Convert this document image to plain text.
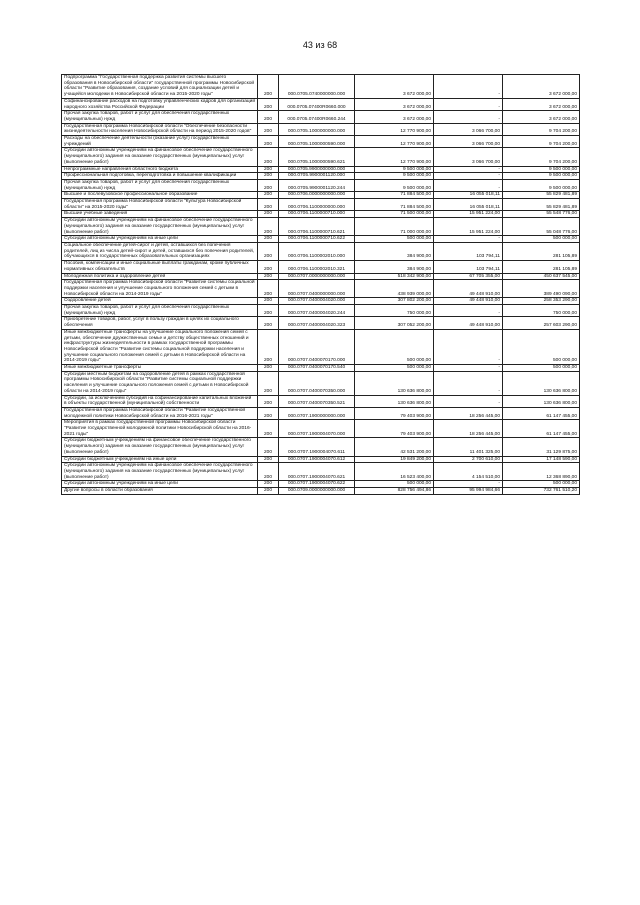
43 из 68
Подпрограмма "Государственная поддержка развития системы высшего образования в Новосибирской области" государственной программы Новосибирской области "Развитие образования, создание условий для социализации детей и учащейся молодежи в Новосибирской области на 2015-2020 годы"	200	000.0705.0740000000.000	3 672 000,00	-	3 672 000,00
Софинансирование расходов на подготовку управленческих кадров для организаций народного хозяйства Российской Федерации	200	000.0705.07400R0660.000	3 672 000,00	-	3 672 000,00
Прочая закупка товаров, работ и услуг для обеспечения государственных (муниципальных) нужд	200	000.0705.07400R0660.244	3 672 000,00	-	3 672 000,00
Государственная программа Новосибирской области "Обеспечение безопасности жизнедеятельности населения Новосибирской области на период 2015-2020 годов"	200	000.0705.1000000000.000	12 770 900,00	3 066 700,00	9 704 200,00
Расходы на обеспечение деятельности (оказание услуг) государственных учреждений	200	000.0705.1000000590.000	12 770 900,00	3 066 700,00	9 704 200,00
Субсидии автономным учреждениям на финансовое обеспечение государственного (муниципального) задания на оказание государственных (муниципальных) услуг (выполнение работ)	200	000.0705.1000000590.621	12 770 900,00	3 066 700,00	9 704 200,00
Непрограммные направления областного бюджета	200	000.0705.9900000000.000	9 500 000,00	-	9 500 000,00
Профессиональная подготовка, переподготовка и повышение квалификации	200	000.0705.9900001120.000	9 500 000,00	-	9 500 000,00
Прочая закупка товаров, работ и услуг для обеспечения государственных (муниципальных) нужд	200	000.0705.9900001120.244	9 500 000,00	-	9 500 000,00
Высшее и послевузовское профессиональное образование	200	000.0706.0000000000.000	71 884 500,00	16 055 018,11	55 829 481,89
Государственная программа Новосибирской области "Культура Новосибирской области" на 2015-2020 годы"	200	000.0706.1100000000.000	71 884 500,00	16 055 018,11	55 829 481,89
Высшие учебные заведения	200	000.0706.1100000710.000	71 500 000,00	15 951 224,00	55 548 776,00
Субсидии автономным учреждениям на финансовое обеспечение государственного (муниципального) задания на оказание государственных (муниципальных) услуг (выполнение работ)	200	000.0706.1100000710.621	71 000 000,00	15 951 224,00	55 048 776,00
Субсидии автономным учреждениям на иные цели	200	000.0706.1100000710.622	500 000,00	-	500 000,00
Социальное обеспечение детей-сирот и детей, оставшихся без попечения родителей, лиц из числа детей-сирот и детей, оставшихся без попечения родителей, обучающихся в государственных образовательных организациях	200	000.0706.1100002010.000	384 900,00	103 794,11	281 105,89
Пособия, компенсации и иные социальные выплаты гражданам, кроме публичных нормативных обязательств	200	000.0706.1100002010.321	384 900,00	103 794,11	281 105,89
Молодежная политика и оздоровление детей	200	000.0707.0000000000.000	518 342 900,00	67 705 355,00	450 637 545,00
Государственная программа Новосибирской области "Развитие системы социальной поддержки населения и улучшение социального положения семей с детьми в Новосибирской области на 2014-2019 годы"	200	000.0707.0400000000.000	438 939 000,00	49 448 910,00	389 490 090,00
Оздоровление детей	200	000.0707.0400004020.000	307 802 200,00	49 448 910,00	258 353 290,00
Прочая закупка товаров, работ и услуг для обеспечения государственных (муниципальных) нужд	200	000.0707.0400004020.244	750 000,00	-	750 000,00
Приобретение товаров, работ, услуг в пользу граждан в целях их социального обеспечения	200	000.0707.0400004020.323	307 052 200,00	49 448 910,00	257 603 290,00
Иные межбюджетные трансферты на улучшение социального положения семей с детьми, обеспечение дружественных семье и детству общественных отношений и инфраструктуры жизнедеятельности в рамках государственной программы Новосибирской области "Развитие системы социальной поддержки населения и улучшение социального положения семей с детьми в Новосибирской области на 2014-2019 годы"	200	000.0707.0400070170.000	500 000,00	-	500 000,00
Иные межбюджетные трансферты	200	000.0707.0400070170.540	500 000,00	-	500 000,00
Субсидии местным бюджетам на оздоровление детей в рамках государственной программы Новосибирской области "Развитие системы социальной поддержки населения и улучшение социального положения семей с детьми в Новосибирской области на 2014-2019 годы"	200	000.0707.0400070350.000	130 636 800,00	-	130 636 800,00
Субсидии, за исключением субсидий на софинансирование капитальных вложений в объекты государственной (муниципальной) собственности	200	000.0707.0400070350.521	130 636 800,00	-	130 636 800,00
Государственная программа Новосибирской области "Развитие государственной молодежной политики Новосибирской области на 2016-2021 годы"	200	000.0707.1900000000.000	79 403 900,00	18 256 445,00	61 147 455,00
Мероприятия в рамках государственной программы Новосибирской области "Развитие государственной молодежной политики Новосибирской области на 2016-2021 годы"	200	000.0707.1900004070.000	79 403 900,00	18 256 445,00	61 147 455,00
Субсидии бюджетным учреждениям на финансовое обеспечение государственного (муниципального) задания на оказание государственных (муниципальных) услуг (выполнение работ)	200	000.0707.1900004070.611	42 531 200,00	11 401 325,00	31 129 875,00
Субсидии бюджетным учреждениям на иные цели	200	000.0707.1900004070.612	19 849 200,00	2 700 610,00	17 148 590,00
Субсидии автономным учреждениям на финансовое обеспечение государственного (муниципального) задания на оказание государственных (муниципальных) услуг (выполнение работ)	200	000.0707.1900004070.621	16 523 400,00	4 154 510,00	12 368 890,00
Субсидии автономным учреждениям на иные цели	200	000.0707.1900004070.622	500 000,00	-	500 000,00
Другие вопросы в области образования	200	000.0709.0000000000.000	828 756 494,86	95 994 984,66	732 761 510,20
